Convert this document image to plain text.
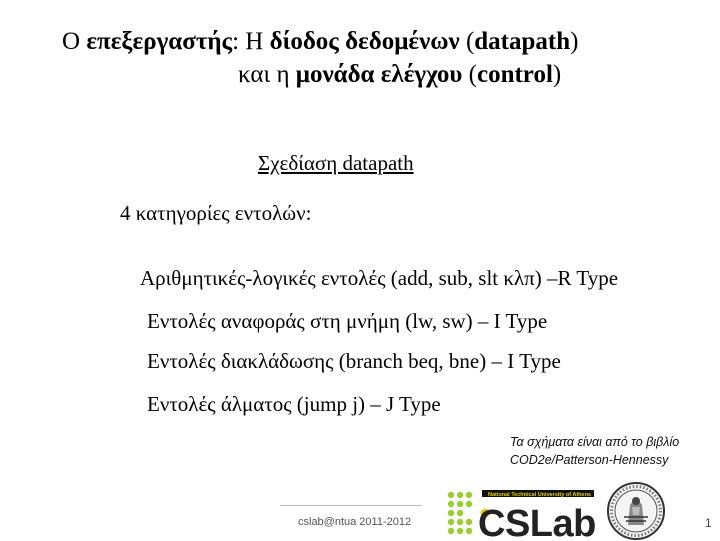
Ο επεξεργαστής: Η δίοδος δεδομένων (datapath)
και η μονάδα ελέγχου (control)
Σχεδίαση datapath
4 κατηγορίες εντολών:
Αριθμητικές-λογικές εντολές (add, sub, slt κλπ) –R Type
Εντολές αναφοράς στη μνήμη (lw, sw) – I Type
Εντολές διακλάδωσης (branch beq, bne) – I Type
Εντολές άλματος (jump j) – J Type
Τα σχήματα είναι από το βιβλίο
COD2e/Patterson-Hennessy
cslab@ntua 2011-2012
National Technical University of Athens
CSLab	1
